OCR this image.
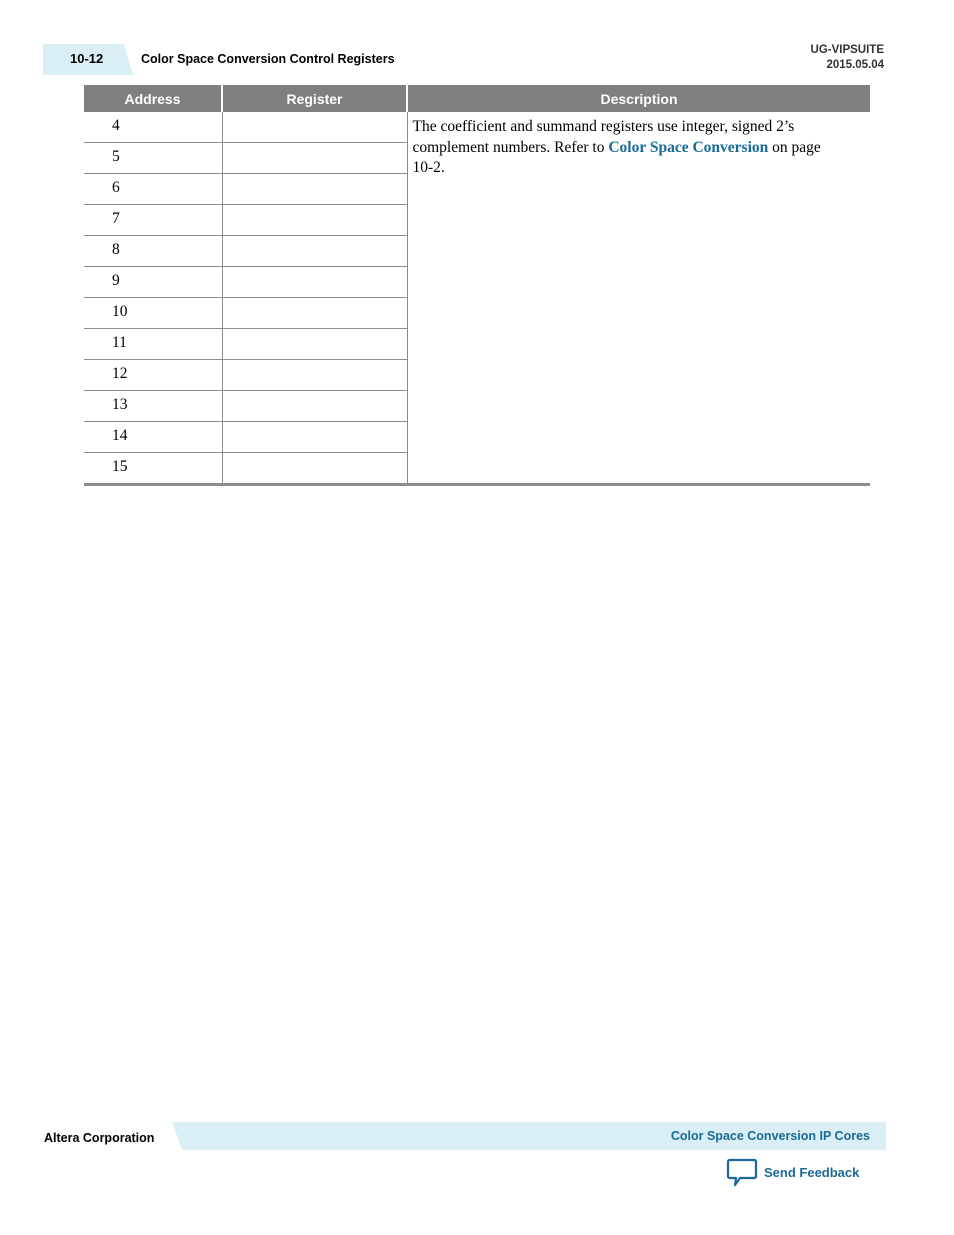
10-12	Color Space Conversion Control Registers
UG-VIPSUITE
2015.05.04
Address	Register	Description
4		The coefficient and summand registers use integer, signed 2’s complement numbers. Refer to Color Space Conversion on page 10-2.
5		
6		
7		
8		
9		
10		
11		
12		
13		
14		
15		
Altera Corporation	Color Space Conversion IP Cores
Send Feedback
